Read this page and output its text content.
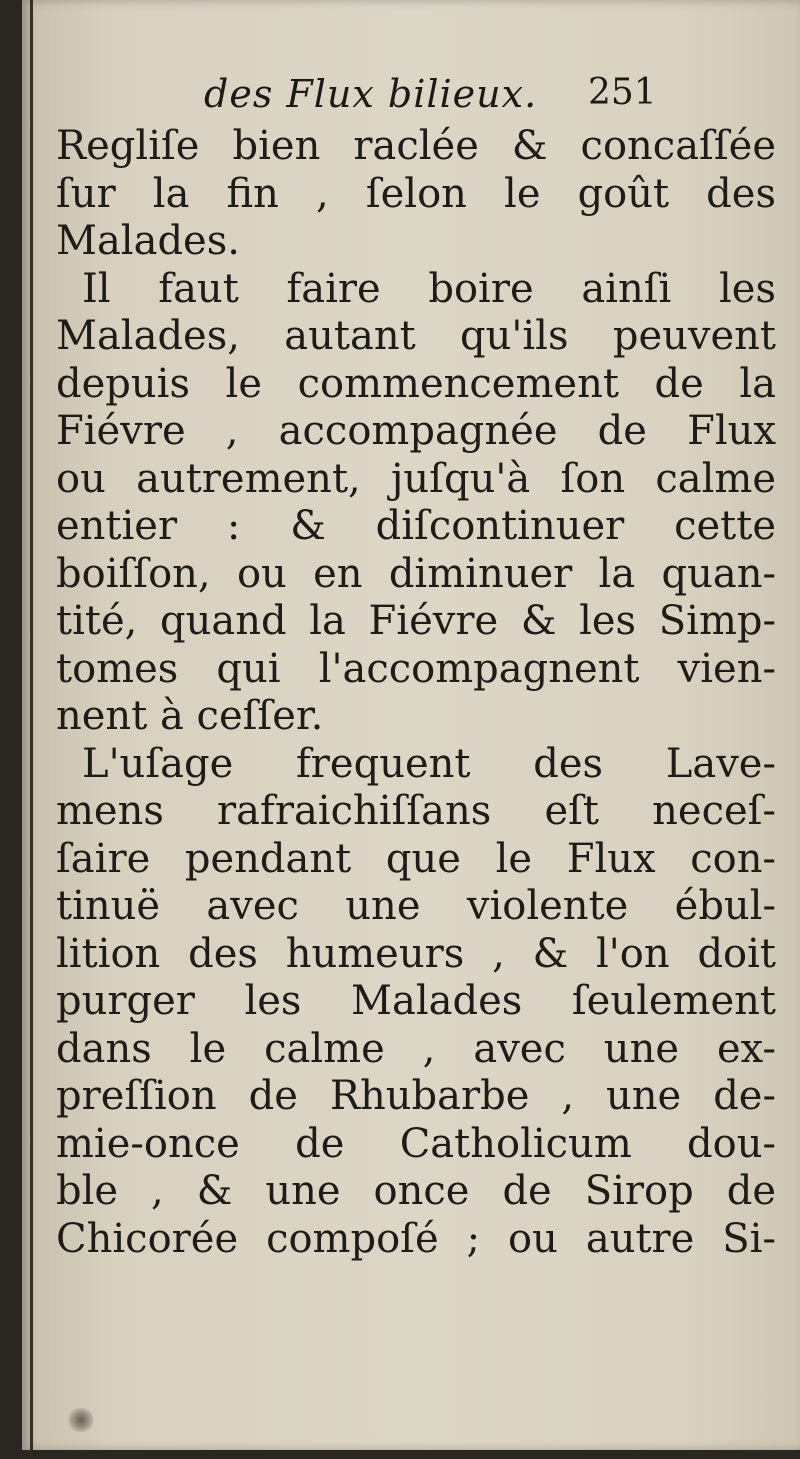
des Flux bilieux. 251
Regliſe bien raclée & concaſſée
ſur la fin , ſelon le goût des
Malades.
Il faut faire boire ainſi les
Malades, autant qu'ils peuvent
depuis le commencement de la
Fiévre , accompagnée de Flux
ou autrement, juſqu'à ſon calme
entier : & diſcontinuer cette
boiſſon, ou en diminuer la quan-
tité, quand la Fiévre & les Simp-
tomes qui l'accompagnent vien-
nent à ceſſer.
L'uſage frequent des Lave-
mens rafraichiſſans eſt neceſ-
ſaire pendant que le Flux con-
tinuë avec une violente ébul-
lition des humeurs , & l'on doit
purger les Malades ſeulement
dans le calme , avec une ex-
preſſion de Rhubarbe , une de-
mie-once de Catholicum dou-
ble , & une once de Sirop de
Chicorée compoſé ; ou autre Si-
